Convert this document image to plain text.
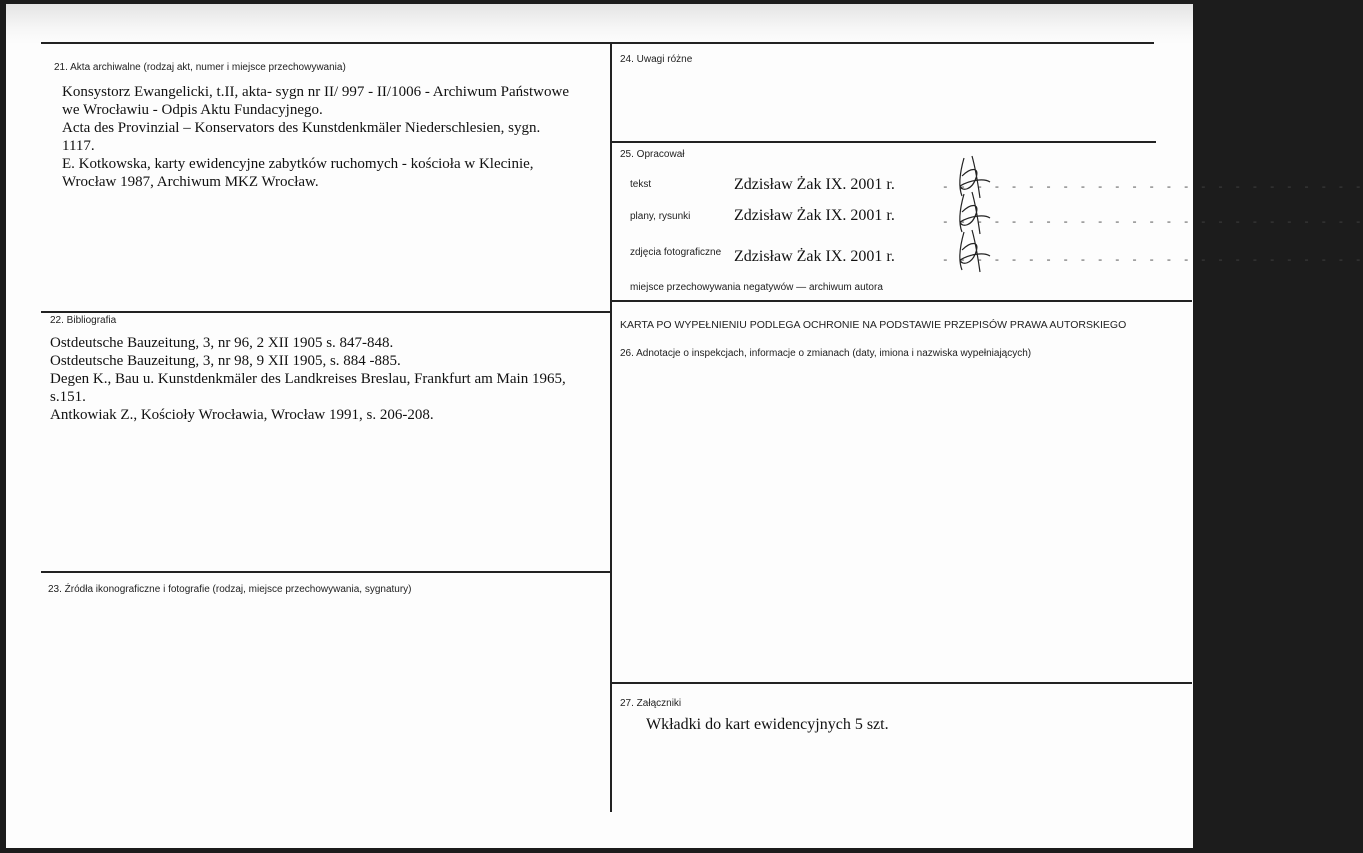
21. Akta archiwalne (rodzaj akt, numer i miejsce przechowywania)
Konsystorz Ewangelicki, t.II, akta- sygn nr II/ 997 - II/1006 - Archiwum Państwowe
we Wrocławiu - Odpis Aktu Fundacyjnego.
Acta des Provinzial – Konservators des Kunstdenkmäler Niederschlesien, sygn.
1117.
E. Kotkowska, karty ewidencyjne zabytków ruchomych - kościoła w Klecinie,
Wrocław 1987, Archiwum MKZ Wrocław.
22. Bibliografia
Ostdeutsche Bauzeitung, 3, nr 96, 2 XII 1905 s. 847-848.
Ostdeutsche Bauzeitung, 3, nr 98, 9 XII 1905, s. 884 -885.
Degen K., Bau u. Kunstdenkmäler des Landkreises Breslau, Frankfurt am Main 1965,
s.151.
Antkowiak Z., Kościoły Wrocławia, Wrocław 1991, s. 206-208.
23. Źródła ikonograficzne i fotografie (rodzaj, miejsce przechowywania, sygnatury)
24. Uwagi różne
25. Opracował
tekst	Zdzisław Żak IX. 2001 r.	- - - - - - - - - - - - - - - - - - - - - - - - -
plany, rysunki	Zdzisław Żak IX. 2001 r.	- - - - - - - - - - - - - - - - - - - - - - - - -
zdjęcia fotograficzne Zdzisław Żak IX. 2001 r.	- - - - - - - - - - - - - - - - - - - - - - - - -
miejsce przechowywania negatywów — archiwum autora
KARTA PO WYPEŁNIENIU PODLEGA OCHRONIE NA PODSTAWIE PRZEPISÓW PRAWA AUTORSKIEGO
26. Adnotacje o inspekcjach, informacje o zmianach (daty, imiona i nazwiska wypełniających)
27. Załączniki
Wkładki do kart ewidencyjnych 5 szt.
